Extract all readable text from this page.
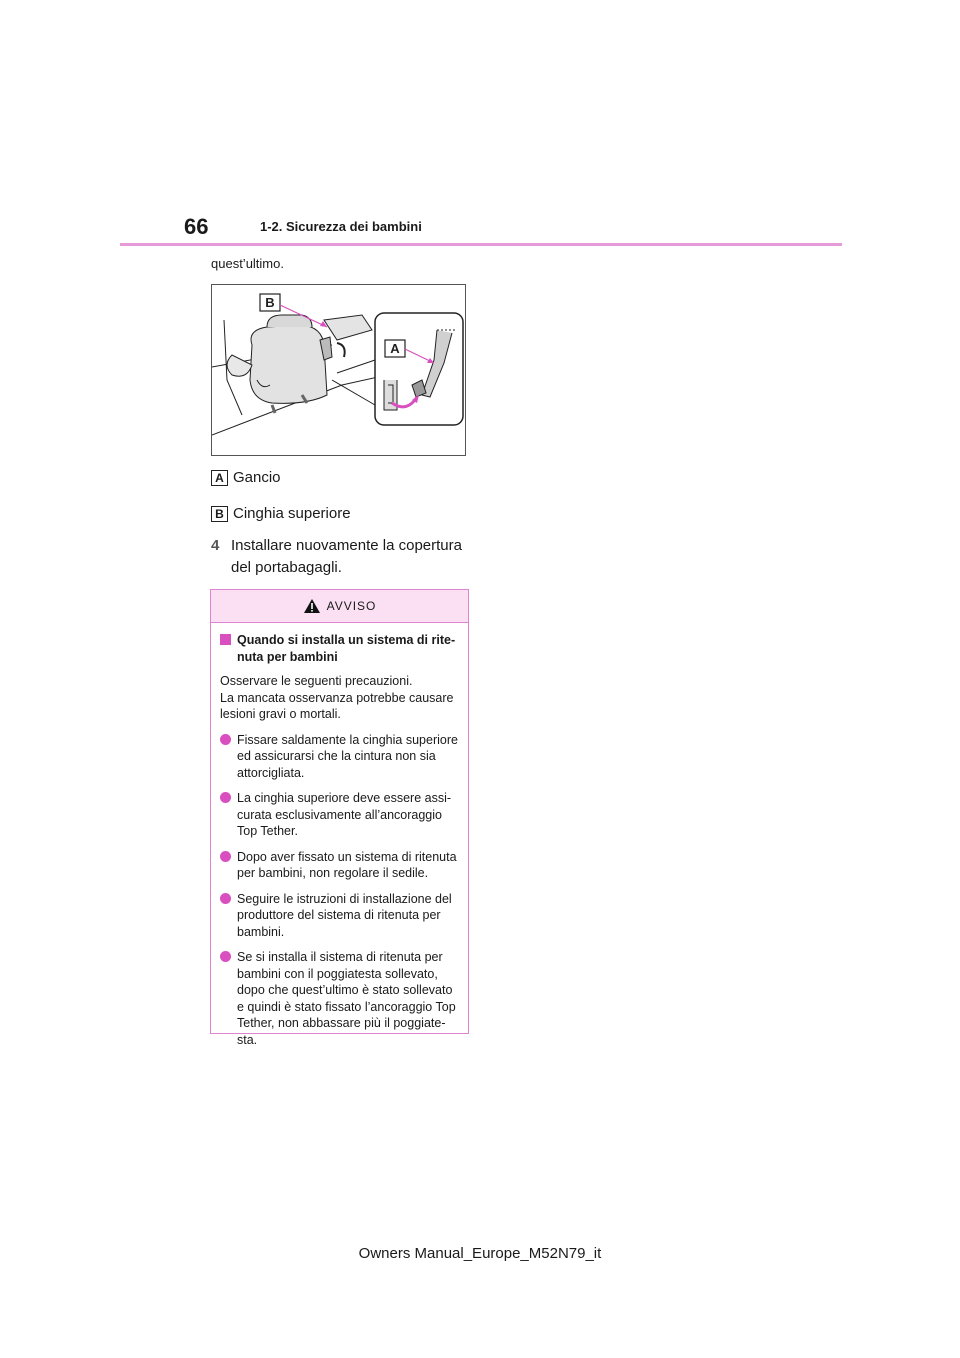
66	1-2. Sicurezza dei bambini
quest’ultimo.
B
A
A Gancio
B Cinghia superiore
4 Installare nuovamente la copertura
del portabagagli.
AVVISO
Quando si installa un sistema di rite-
nuta per bambini

Osservare le seguenti precauzioni.
La mancata osservanza potrebbe causare
lesioni gravi o mortali.

Fissare saldamente la cinghia superiore
ed assicurarsi che la cintura non sia
attorcigliata.
La cinghia superiore deve essere assi-
curata esclusivamente all’ancoraggio
Top Tether.
Dopo aver fissato un sistema di ritenuta
per bambini, non regolare il sedile.
Seguire le istruzioni di installazione del
produttore del sistema di ritenuta per
bambini.
Se si installa il sistema di ritenuta per
bambini con il poggiatesta sollevato,
dopo che quest’ultimo è stato sollevato
e quindi è stato fissato l’ancoraggio Top
Tether, non abbassare più il poggiate-
sta.
Owners Manual_Europe_M52N79_it
